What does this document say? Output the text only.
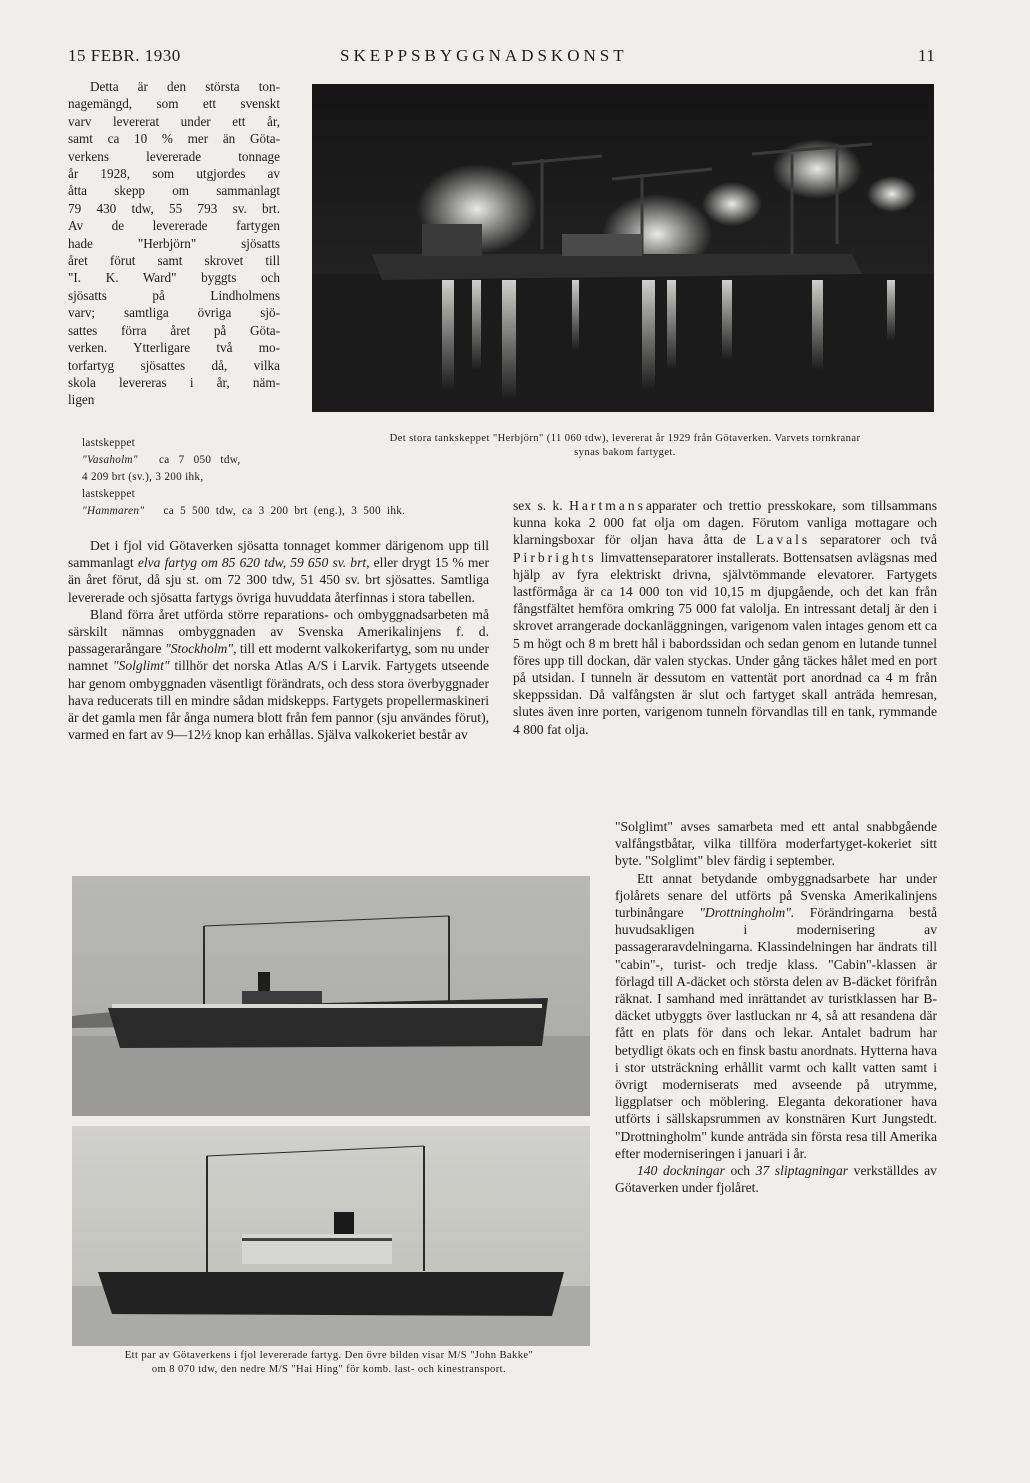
15 FEBR. 1930	SKEPPSBYGGNADSKONST	11
Detta är den största ton-
nagemängd, som ett svenskt
varv levererat under ett år,
samt ca 10 % mer än Göta-
verkens levererade tonnage
år 1928, som utgjordes av
åtta skepp om sammanlagt
79 430 tdw, 55 793 sv. brt.
Av de levererade fartygen
hade "Herbjörn" sjösatts
året förut samt skrovet till
"I. K. Ward" byggts och
sjösatts på Lindholmens
varv; samtliga övriga sjö-
sattes förra året på Göta-
verken. Ytterligare två mo-
torfartyg sjösattes då, vilka
skola levereras i år, näm-
ligen
lastskeppet
"Vasaholm" ca 7 050 tdw,
4 209 brt (sv.), 3 200 ihk,
lastskeppet
"Hammaren" ca 5 500 tdw, ca 3 200 brt (eng.), 3 500 ihk.
Det stora tankskeppet "Herbjörn" (11 060 tdw), levererat år 1929 från Götaverken. Varvets tornkranar
synas bakom fartyget.

Det i fjol vid Götaverken sjösatta tonnaget kommer därigenom upp till sammanlagt elva fartyg om 85 620 tdw, 59 650 sv. brt, eller drygt 15 % mer än året förut, då sju st. om 72 300 tdw, 51 450 sv. brt sjösattes. Samtliga levererade och sjösatta fartygs övriga huvuddata återfinnas i stora tabellen.

Bland förra året utförda större reparations- och ombyggnadsarbeten må särskilt nämnas ombyggnaden av Svenska Amerikalinjens f. d. passagerarångare "Stockholm", till ett modernt valkokerifartyg, som nu under namnet "Solglimt" tillhör det norska Atlas A/S i Larvik. Fartygets utseende har genom ombyggnaden väsentligt förändrats, och dess stora överbyggnader hava reducerats till en mindre sådan midskepps. Fartygets propellermaskineri är det gamla men får ånga numera blott från fem pannor (sju användes förut), varmed en fart av 9—12½ knop kan erhållas. Själva valkokeriet består av

Ett par av Götaverkens i fjol levererade fartyg. Den övre bilden visar M/S "John Bakke"
om 8 070 tdw, den nedre M/S "Hai Hing" för komb. last- och kinestransport.

sex s. k. Hartmansapparater och trettio presskokare, som tillsammans kunna koka 2 000 fat olja om dagen. Förutom vanliga mottagare och klarningsboxar för oljan hava åtta de Lavals separatorer och två Pirbrights limvattenseparatorer installerats. Bottensatsen avlägsnas med hjälp av fyra elektriskt drivna, självtömmande elevatorer. Fartygets lastförmåga är ca 14 000 ton vid 10,15 m djupgående, och det kan från fångstfältet hemföra omkring 75 000 fat valolja. En intressant detalj är den i skrovet arrangerade dockanläggningen, varigenom valen intages genom ett ca 5 m högt och 8 m brett hål i babordssidan och sedan genom en lutande tunnel föres upp till dockan, där valen styckas. Under gång täckes hålet med en port på utsidan. I tunneln är dessutom en vattentät port anordnad ca 4 m från skeppssidan. Då valfångsten är slut och fartyget skall anträda hemresan, slutes även inre porten, varigenom tunneln förvandlas till en tank, rymmande 4 800 fat olja.

"Solglimt" avses samarbeta med ett antal snabbgående valfångstbåtar, vilka tillföra moderfartyget-kokeriet sitt byte. "Solglimt" blev färdig i september.

Ett annat betydande ombyggnadsarbete har under fjolårets senare del utförts på Svenska Amerikalinjens turbinångare "Drottningholm". Förändringarna bestå huvudsakligen i modernisering av passageraravdelningarna. Klassindelningen har ändrats till "cabin"-, turist- och tredje klass. "Cabin"-klassen är förlagd till A-däcket och största delen av B-däcket förifrån räknat. I samhand med inrättandet av turistklassen har B-däcket utbyggts över lastluckan nr 4, så att resandena där fått en plats för dans och lekar. Antalet badrum har betydligt ökats och en finsk bastu anordnats. Hytterna hava i stor utsträckning erhållit varmt och kallt vatten samt i övrigt moderniserats med avseende på utrymme, liggplatser och möblering. Eleganta dekorationer hava utförts i sällskapsrummen av konstnären Kurt Jungstedt. "Drottningholm" kunde anträda sin första resa till Amerika efter moderniseringen i januari i år.

140 dockningar och 37 sliptagningar verkställdes av Götaverken under fjolåret.
